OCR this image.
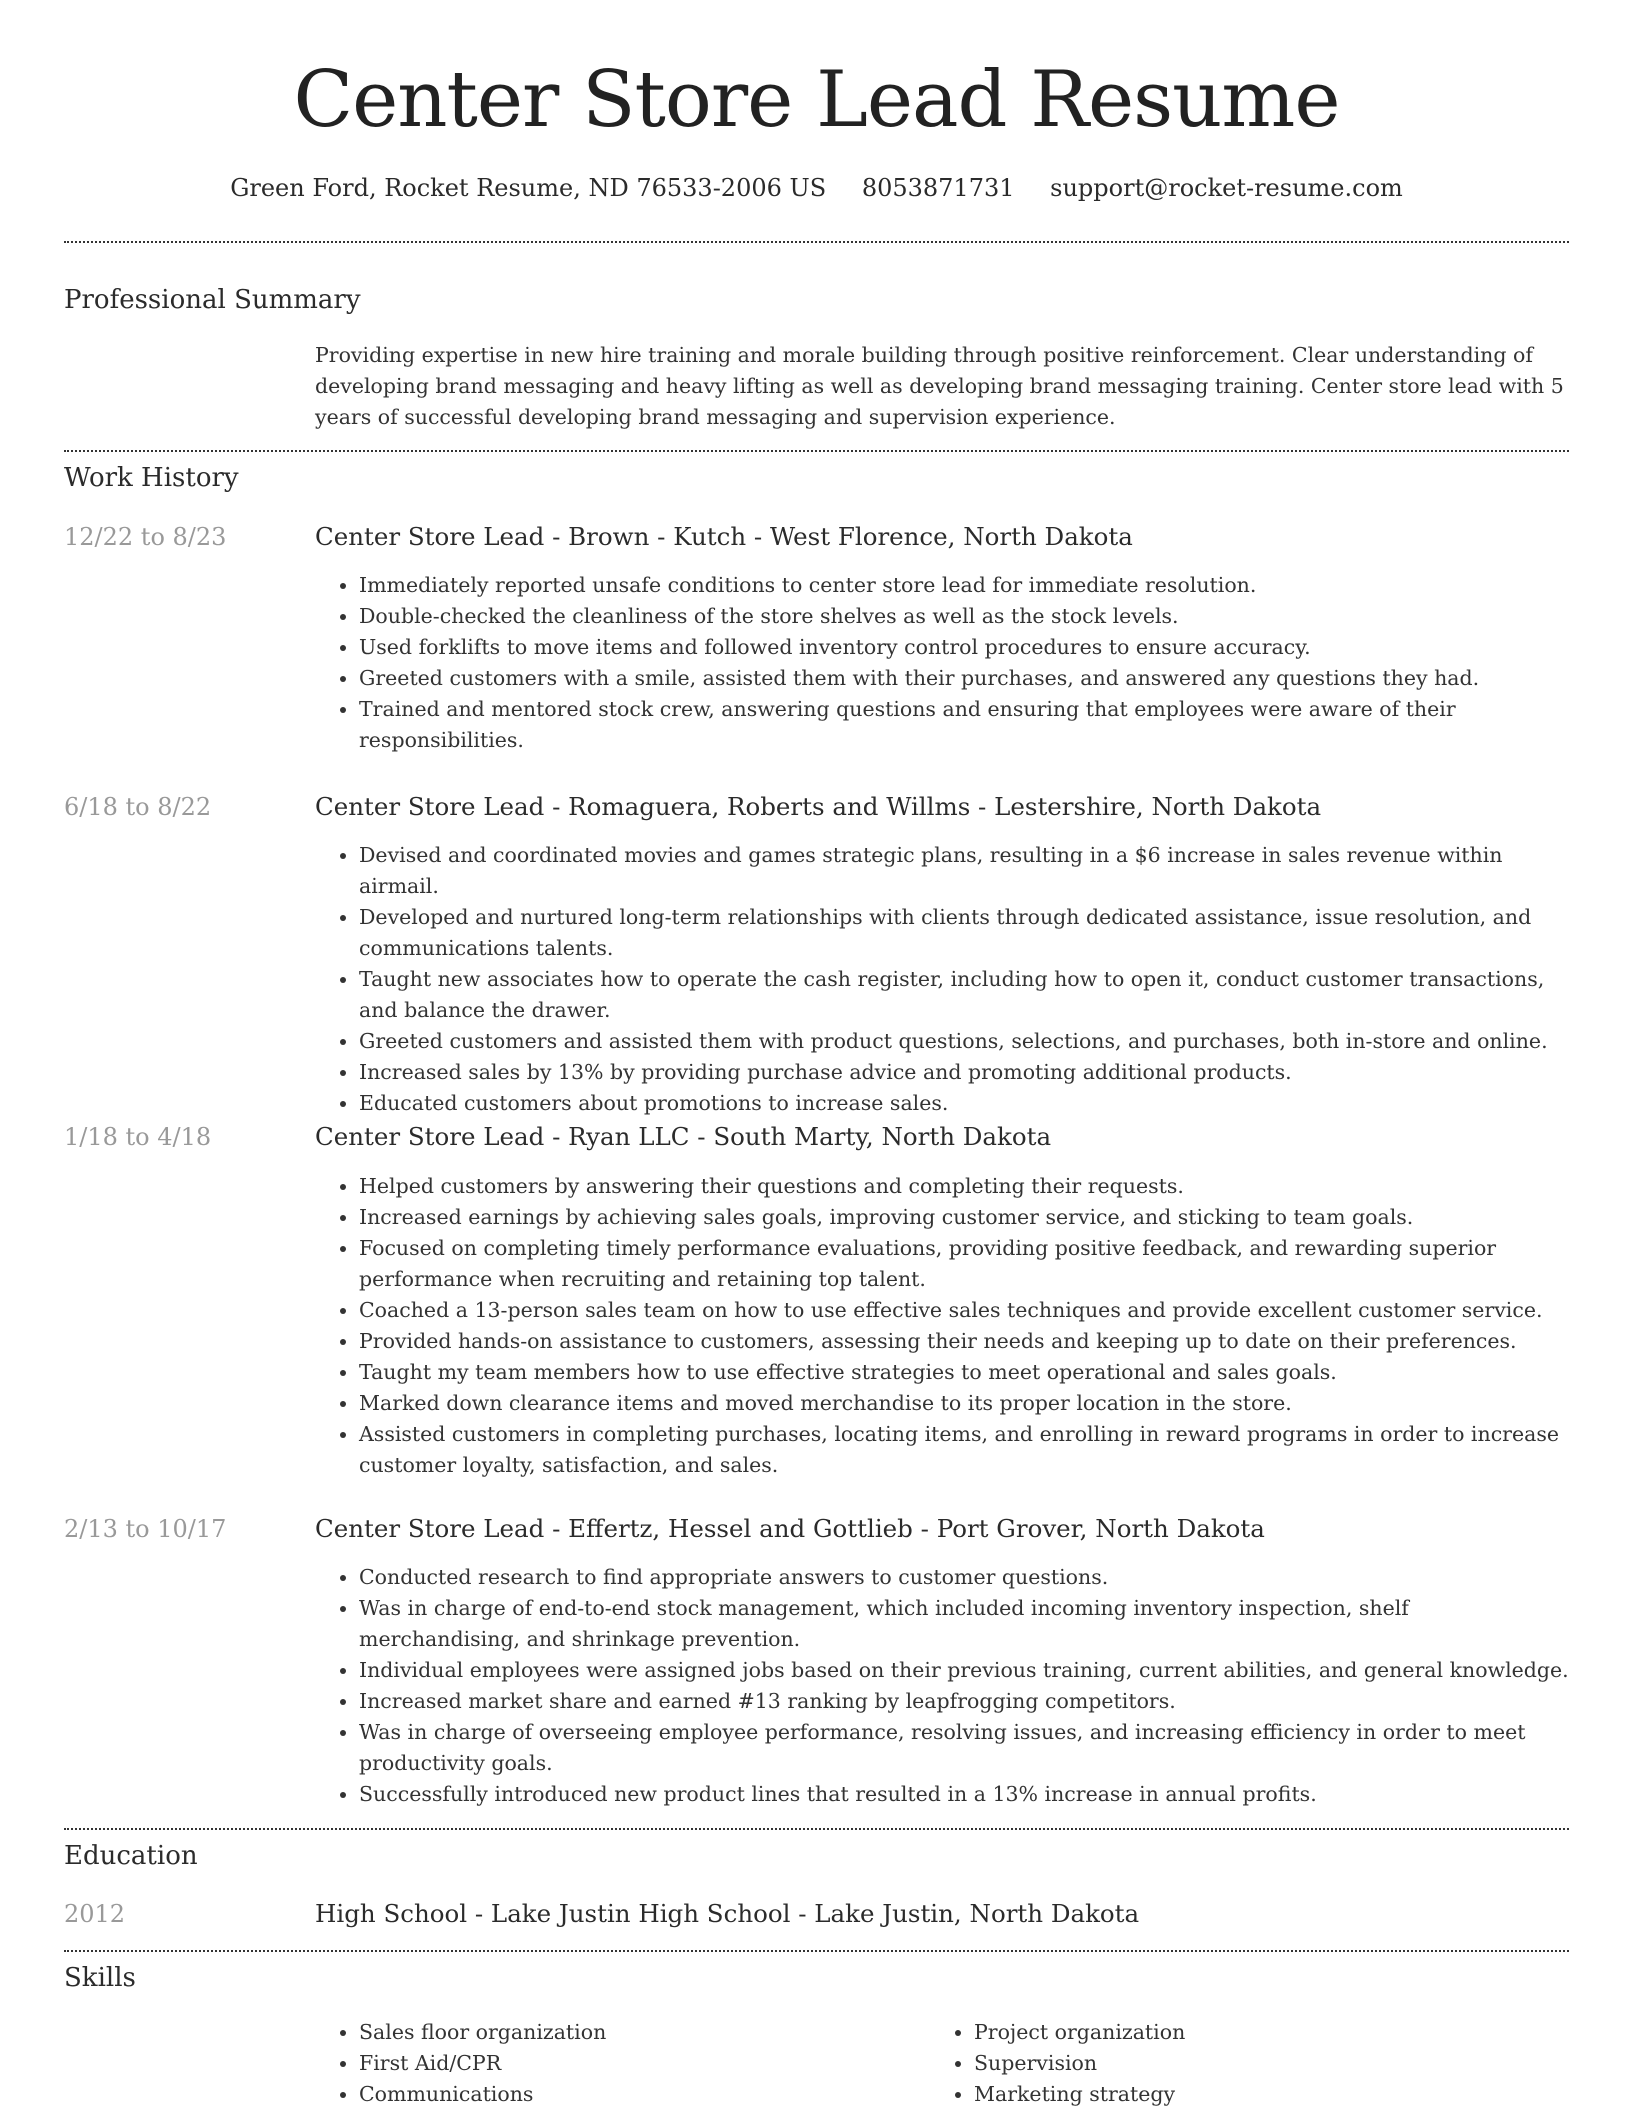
Center Store Lead Resume
Green Ford, Rocket Resume, ND 76533-2006 US 8053871731 support@rocket-resume.com
Professional Summary
Providing expertise in new hire training and morale building through positive reinforcement. Clear understanding of developing brand messaging and heavy lifting as well as developing brand messaging training. Center store lead with 5 years of successful developing brand messaging and supervision experience.
Work History
12/22 to 8/23	Center Store Lead - Brown - Kutch - West Florence, North Dakota
• Immediately reported unsafe conditions to center store lead for immediate resolution.
• Double-checked the cleanliness of the store shelves as well as the stock levels.
• Used forklifts to move items and followed inventory control procedures to ensure accuracy.
• Greeted customers with a smile, assisted them with their purchases, and answered any questions they had.
• Trained and mentored stock crew, answering questions and ensuring that employees were aware of their responsibilities.
6/18 to 8/22	Center Store Lead - Romaguera, Roberts and Willms - Lestershire, North Dakota
• Devised and coordinated movies and games strategic plans, resulting in a $6 increase in sales revenue within airmail.
• Developed and nurtured long-term relationships with clients through dedicated assistance, issue resolution, and communications talents.
• Taught new associates how to operate the cash register, including how to open it, conduct customer transactions, and balance the drawer.
• Greeted customers and assisted them with product questions, selections, and purchases, both in-store and online.
• Increased sales by 13% by providing purchase advice and promoting additional products.
• Educated customers about promotions to increase sales.
1/18 to 4/18	Center Store Lead - Ryan LLC - South Marty, North Dakota
• Helped customers by answering their questions and completing their requests.
• Increased earnings by achieving sales goals, improving customer service, and sticking to team goals.
• Focused on completing timely performance evaluations, providing positive feedback, and rewarding superior performance when recruiting and retaining top talent.
• Coached a 13-person sales team on how to use effective sales techniques and provide excellent customer service.
• Provided hands-on assistance to customers, assessing their needs and keeping up to date on their preferences.
• Taught my team members how to use effective strategies to meet operational and sales goals.
• Marked down clearance items and moved merchandise to its proper location in the store.
• Assisted customers in completing purchases, locating items, and enrolling in reward programs in order to increase customer loyalty, satisfaction, and sales.
2/13 to 10/17	Center Store Lead - Effertz, Hessel and Gottlieb - Port Grover, North Dakota
• Conducted research to find appropriate answers to customer questions.
• Was in charge of end-to-end stock management, which included incoming inventory inspection, shelf merchandising, and shrinkage prevention.
• Individual employees were assigned jobs based on their previous training, current abilities, and general knowledge.
• Increased market share and earned #13 ranking by leapfrogging competitors.
• Was in charge of overseeing employee performance, resolving issues, and increasing efficiency in order to meet productivity goals.
• Successfully introduced new product lines that resulted in a 13% increase in annual profits.
Education
2012	High School - Lake Justin High School - Lake Justin, North Dakota
Skills
• Sales floor organization
• First Aid/CPR
• Communications
• Project organization
• Supervision
• Marketing strategy
